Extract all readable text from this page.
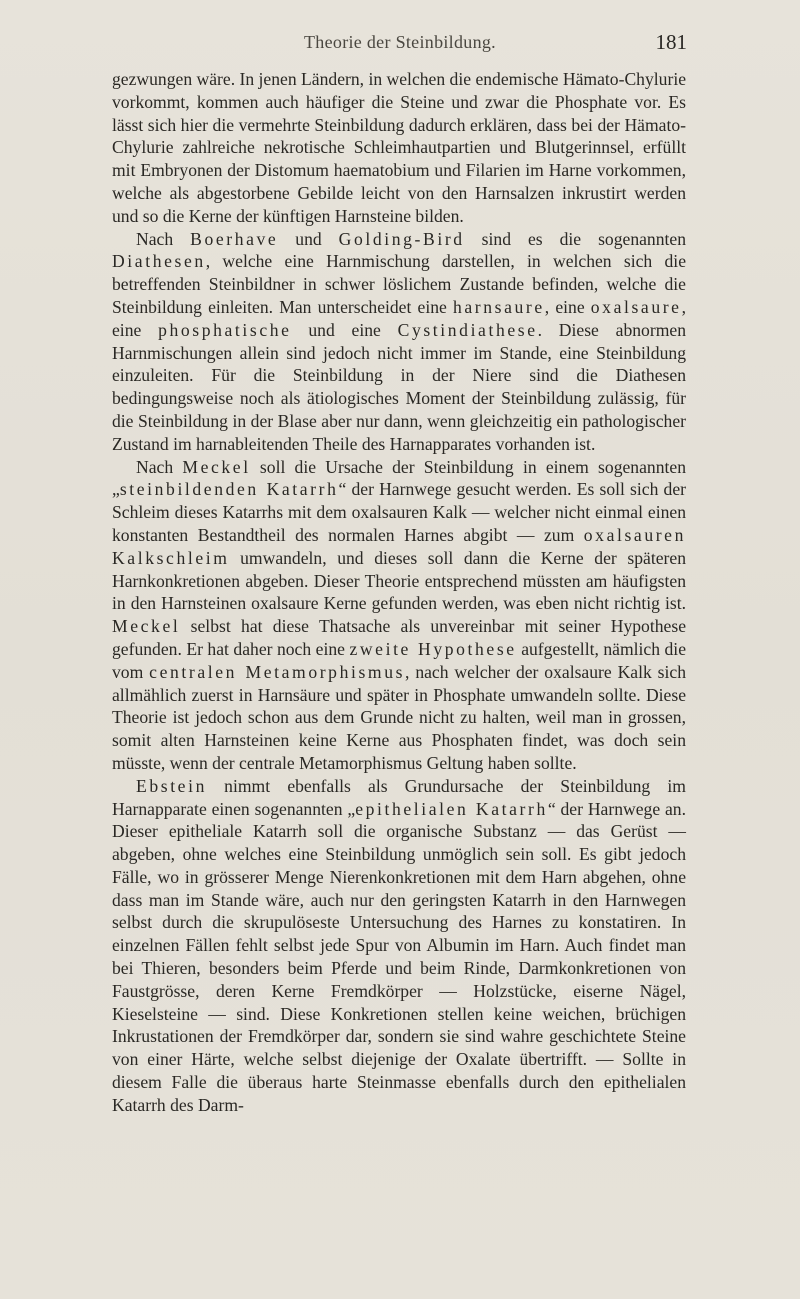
Theorie der Steinbildung.	181

gezwungen wäre. In jenen Ländern, in welchen die endemische Hämato-Chylurie vorkommt, kommen auch häufiger die Steine und zwar die Phosphate vor. Es lässt sich hier die vermehrte Steinbildung dadurch erklären, dass bei der Hämato-Chylurie zahlreiche nekrotische Schleimhautpartien und Blutgerinnsel, erfüllt mit Embryonen der Distomum haematobium und Filarien im Harne vorkommen, welche als abgestorbene Gebilde leicht von den Harnsalzen inkrustirt werden und so die Kerne der künftigen Harnsteine bilden.

Nach Boerhave und Golding-Bird sind es die sogenannten Diathesen, welche eine Harnmischung darstellen, in welchen sich die betreffenden Steinbildner in schwer löslichem Zustande befinden, welche die Steinbildung einleiten. Man unterscheidet eine harnsaure, eine oxalsaure, eine phosphatische und eine Cystindiathese. Diese abnormen Harnmischungen allein sind jedoch nicht immer im Stande, eine Steinbildung einzuleiten. Für die Steinbildung in der Niere sind die Diathesen bedingungsweise noch als ätiologisches Moment der Steinbildung zulässig, für die Steinbildung in der Blase aber nur dann, wenn gleichzeitig ein pathologischer Zustand im harnableitenden Theile des Harnapparates vorhanden ist.

Nach Meckel soll die Ursache der Steinbildung in einem sogenannten „steinbildenden Katarrh“ der Harnwege gesucht werden. Es soll sich der Schleim dieses Katarrhs mit dem oxalsauren Kalk — welcher nicht einmal einen konstanten Bestandtheil des normalen Harnes abgibt — zum oxalsauren Kalkschleim umwandeln, und dieses soll dann die Kerne der späteren Harnkonkretionen abgeben. Dieser Theorie entsprechend müssten am häufigsten in den Harnsteinen oxalsaure Kerne gefunden werden, was eben nicht richtig ist. Meckel selbst hat diese Thatsache als unvereinbar mit seiner Hypothese gefunden. Er hat daher noch eine zweite Hypothese aufgestellt, nämlich die vom centralen Metamorphismus, nach welcher der oxalsaure Kalk sich allmählich zuerst in Harnsäure und später in Phosphate umwandeln sollte. Diese Theorie ist jedoch schon aus dem Grunde nicht zu halten, weil man in grossen, somit alten Harnsteinen keine Kerne aus Phosphaten findet, was doch sein müsste, wenn der centrale Metamorphismus Geltung haben sollte.

Ebstein nimmt ebenfalls als Grundursache der Steinbildung im Harnapparate einen sogenannten „epithelialen Katarrh“ der Harnwege an. Dieser epitheliale Katarrh soll die organische Substanz — das Gerüst — abgeben, ohne welches eine Steinbildung unmöglich sein soll. Es gibt jedoch Fälle, wo in grösserer Menge Nierenkonkretionen mit dem Harn abgehen, ohne dass man im Stande wäre, auch nur den geringsten Katarrh in den Harnwegen selbst durch die skrupulöseste Untersuchung des Harnes zu konstatiren. In einzelnen Fällen fehlt selbst jede Spur von Albumin im Harn. Auch findet man bei Thieren, besonders beim Pferde und beim Rinde, Darmkonkretionen von Faustgrösse, deren Kerne Fremdkörper — Holzstücke, eiserne Nägel, Kieselsteine — sind. Diese Konkretionen stellen keine weichen, brüchigen Inkrustationen der Fremdkörper dar, sondern sie sind wahre geschichtete Steine von einer Härte, welche selbst diejenige der Oxalate übertrifft. — Sollte in diesem Falle die überaus harte Steinmasse ebenfalls durch den epithelialen Katarrh des Darm-
